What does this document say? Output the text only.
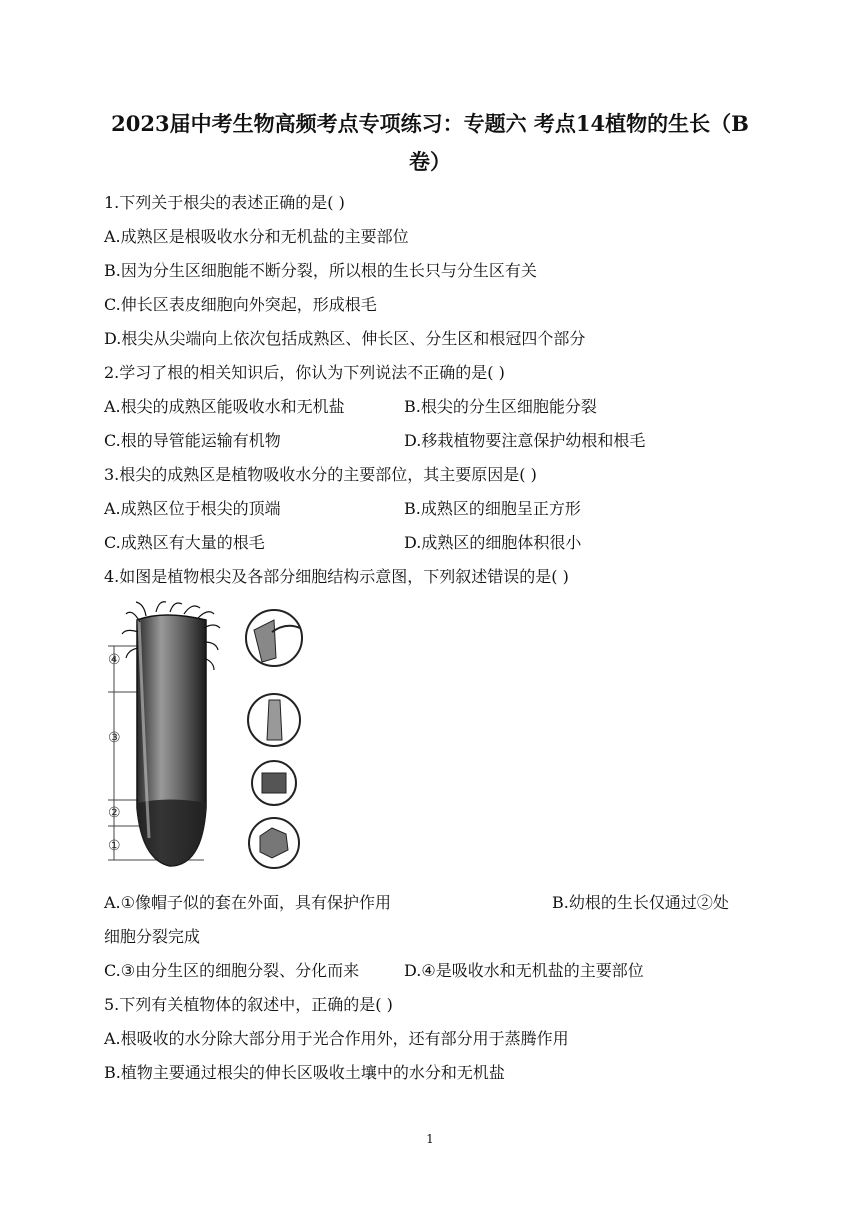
2023届中考生物高频考点专项练习：专题六 考点14植物的生长（B
卷）
1.下列关于根尖的表述正确的是( )
A.成熟区是根吸收水分和无机盐的主要部位
B.因为分生区细胞能不断分裂，所以根的生长只与分生区有关
C.伸长区表皮细胞向外突起，形成根毛
D.根尖从尖端向上依次包括成熟区、伸长区、分生区和根冠四个部分
2.学习了根的相关知识后，你认为下列说法不正确的是( )
A.根尖的成熟区能吸收水和无机盐	B.根尖的分生区细胞能分裂
C.根的导管能运输有机物	D.移栽植物要注意保护幼根和根毛
3.根尖的成熟区是植物吸收水分的主要部位，其主要原因是( )
A.成熟区位于根尖的顶端	B.成熟区的细胞呈正方形
C.成熟区有大量的根毛	D.成熟区的细胞体积很小
4.如图是植物根尖及各部分细胞结构示意图，下列叙述错误的是( )
④
③
②
①
A.①像帽子似的套在外面，具有保护作用	B.幼根的生长仅通过②处
细胞分裂完成
C.③由分生区的细胞分裂、分化而来	D.④是吸收水和无机盐的主要部位
5.下列有关植物体的叙述中，正确的是( )
A.根吸收的水分除大部分用于光合作用外，还有部分用于蒸腾作用
B.植物主要通过根尖的伸长区吸收土壤中的水分和无机盐
1
